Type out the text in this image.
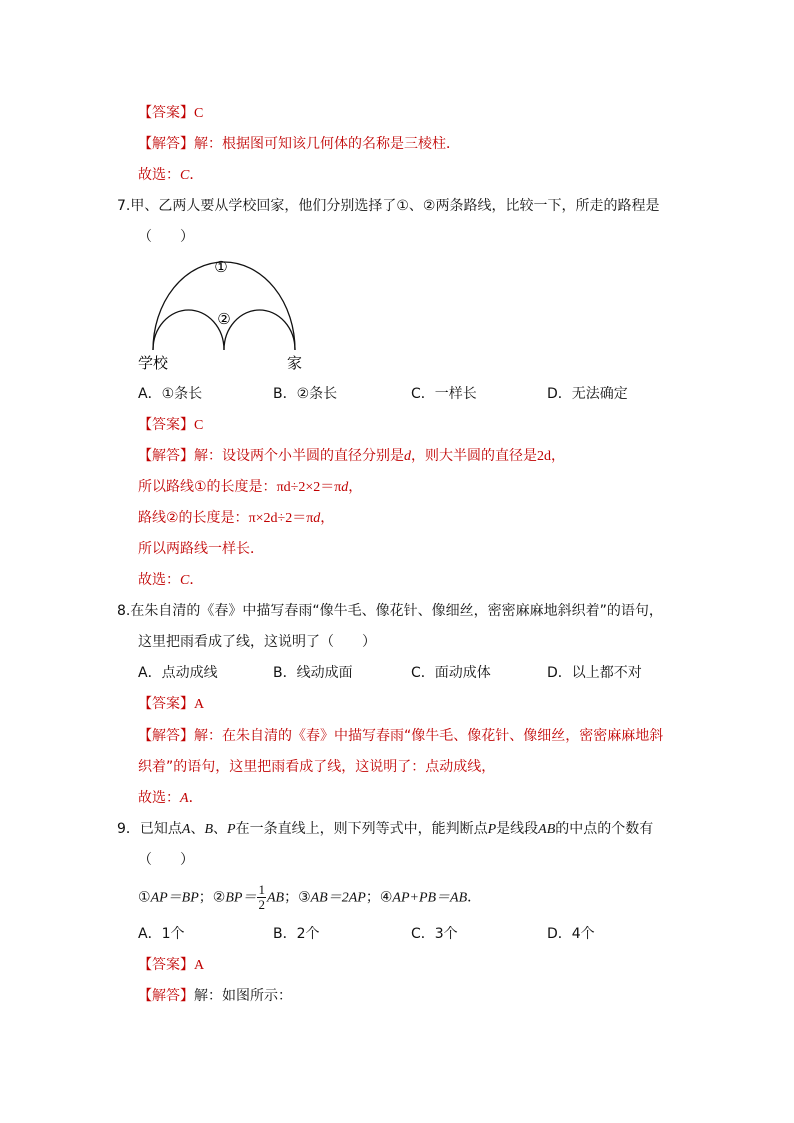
【答案】C
【解答】解：根据图可知该几何体的名称是三棱柱．
故选：C．
7.甲、乙两人要从学校回家，他们分别选择了①、②两条路线，比较一下，所走的路程是
（　　）
①
②
学校	家
A．①条长	B．②条长	C．一样长	D．无法确定
【答案】C
【解答】解：设设两个小半圆的直径分别是d，则大半圆的直径是2d，
所以路线①的长度是：πd÷2×2＝πd，
路线②的长度是：π×2d÷2＝πd，
所以两路线一样长．
故选：C．
8.在朱自清的《春》中描写春雨“像牛毛、像花针、像细丝，密密麻麻地斜织着”的语句，
这里把雨看成了线，这说明了（　　）
A．点动成线	B．线动成面	C．面动成体	D．以上都不对
【答案】A
【解答】解：在朱自清的《春》中描写春雨“像牛毛、像花针、像细丝，密密麻麻地斜
织着”的语句，这里把雨看成了线，这说明了：点动成线，
故选：A．
9．已知点A、B、P在一条直线上，则下列等式中，能判断点P是线段AB的中点的个数有
（　　）
①AP＝BP；②BP＝ $\frac{1}{2}$ AB；③AB＝2AP；④AP+PB＝AB．
A．1个	B．2个	C．3个	D．4个
【答案】A
【解答】解：如图所示：
